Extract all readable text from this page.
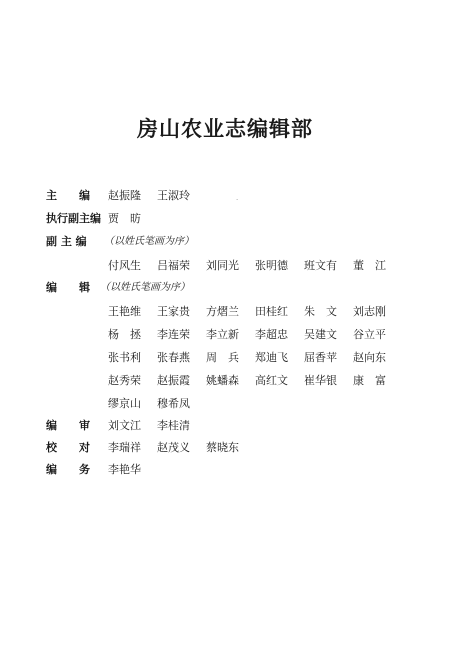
房山农业志编辑部
主　　编 赵振隆 王淑玲	·
执行副主编 贾　昉
副 主 编 （以姓氏笔画为序）
付风生 吕福荣 刘同光 张明德 班文有 董　江
编　　辑 （以姓氏笔画为序）
王艳维 王家贵 方熠兰 田桂红 朱　文 刘志刚
杨　拯 李连荣 李立新 李超忠 吴建文 谷立平
张书利 张春燕 周　兵 郑迪飞 屈香苹 赵向东
赵秀荣 赵振霞 姚蟠森 高红文 崔华银 康　富
缪京山 穆希凤
编　　审 刘文江 李桂清
校　　对 李瑞祥 赵茂义 蔡晓东
编　　务 李艳华
